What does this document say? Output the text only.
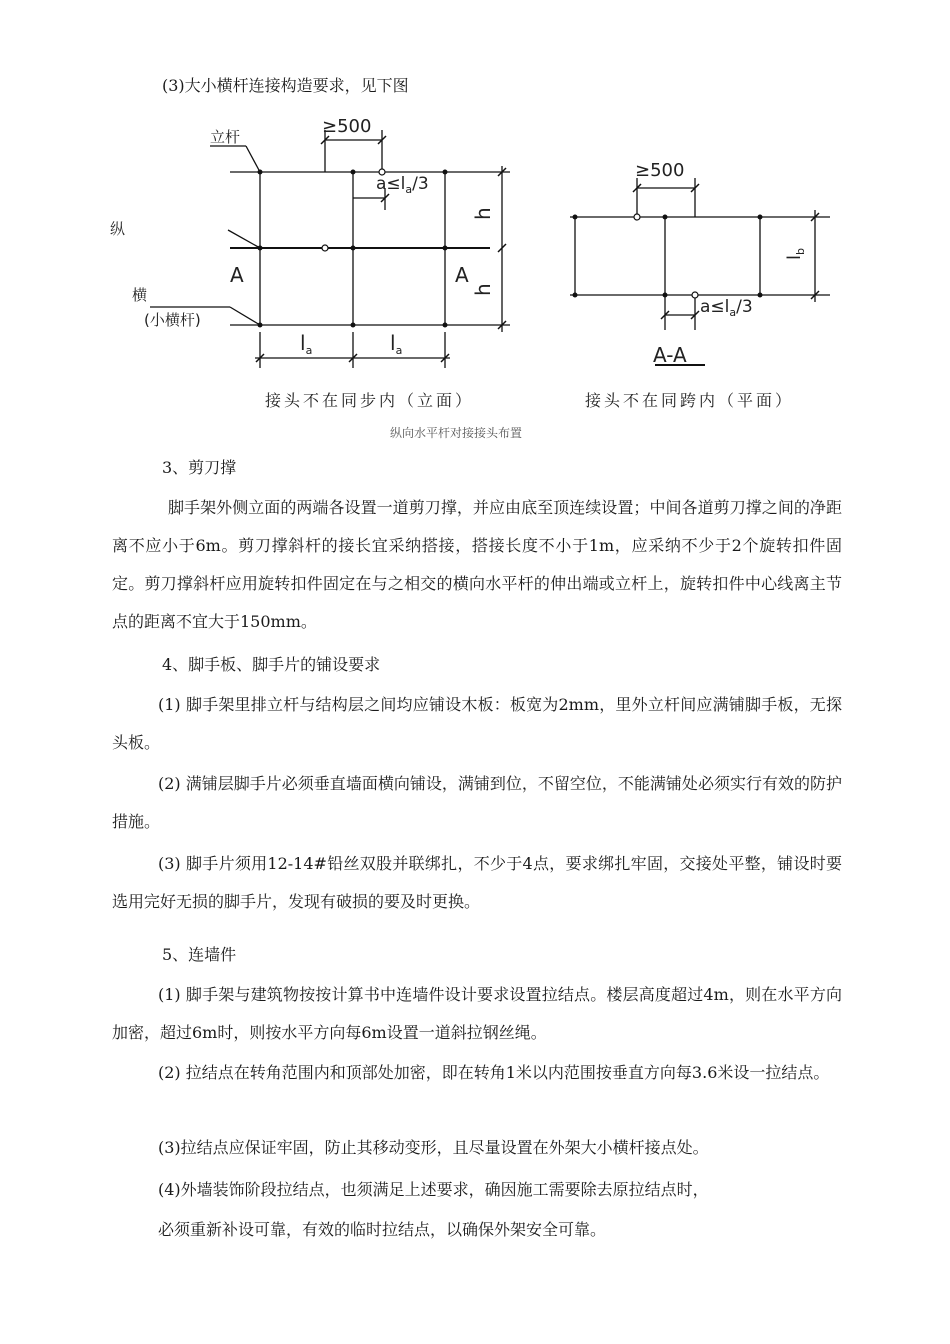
(3)大小横杆连接构造要求，见下图
≥500
立杆
纵
横
(小横杆)
A	A
$a\le l_a/3$
h
h
$l_a$	$l_a$
接头不在同步内（立面）
≥500
$l_b$
$a\le l_a/3$
A-A
接头不在同跨内（平面）
纵向水平杆对接接头布置
3、剪刀撑
脚手架外侧立面的两端各设置一道剪刀撑，并应由底至顶连续设置；中间各道剪刀撑之间的净距离不应小于6m。剪刀撑斜杆的接长宜采纳搭接，搭接长度不小于1m，应采纳不少于2个旋转扣件固定。剪刀撑斜杆应用旋转扣件固定在与之相交的横向水平杆的伸出端或立杆上，旋转扣件中心线离主节点的距离不宜大于150mm。
4、脚手板、脚手片的铺设要求
(1) 脚手架里排立杆与结构层之间均应铺设木板：板宽为2mm，里外立杆间应满铺脚手板，无探头板。
(2) 满铺层脚手片必须垂直墙面横向铺设，满铺到位，不留空位，不能满铺处必须实行有效的防护措施。
(3) 脚手片须用12-14#铅丝双股并联绑扎，不少于4点，要求绑扎牢固，交接处平整，铺设时要选用完好无损的脚手片，发现有破损的要及时更换。
5、连墙件
(1) 脚手架与建筑物按按计算书中连墙件设计要求设置拉结点。楼层高度超过4m，则在水平方向加密，超过6m时，则按水平方向每6m设置一道斜拉钢丝绳。
(2) 拉结点在转角范围内和顶部处加密，即在转角1米以内范围按垂直方向每3.6米设一拉结点。
(3)拉结点应保证牢固，防止其移动变形，且尽量设置在外架大小横杆接点处。
(4)外墙装饰阶段拉结点，也须满足上述要求，确因施工需要除去原拉结点时，
必须重新补设可靠，有效的临时拉结点，以确保外架安全可靠。
